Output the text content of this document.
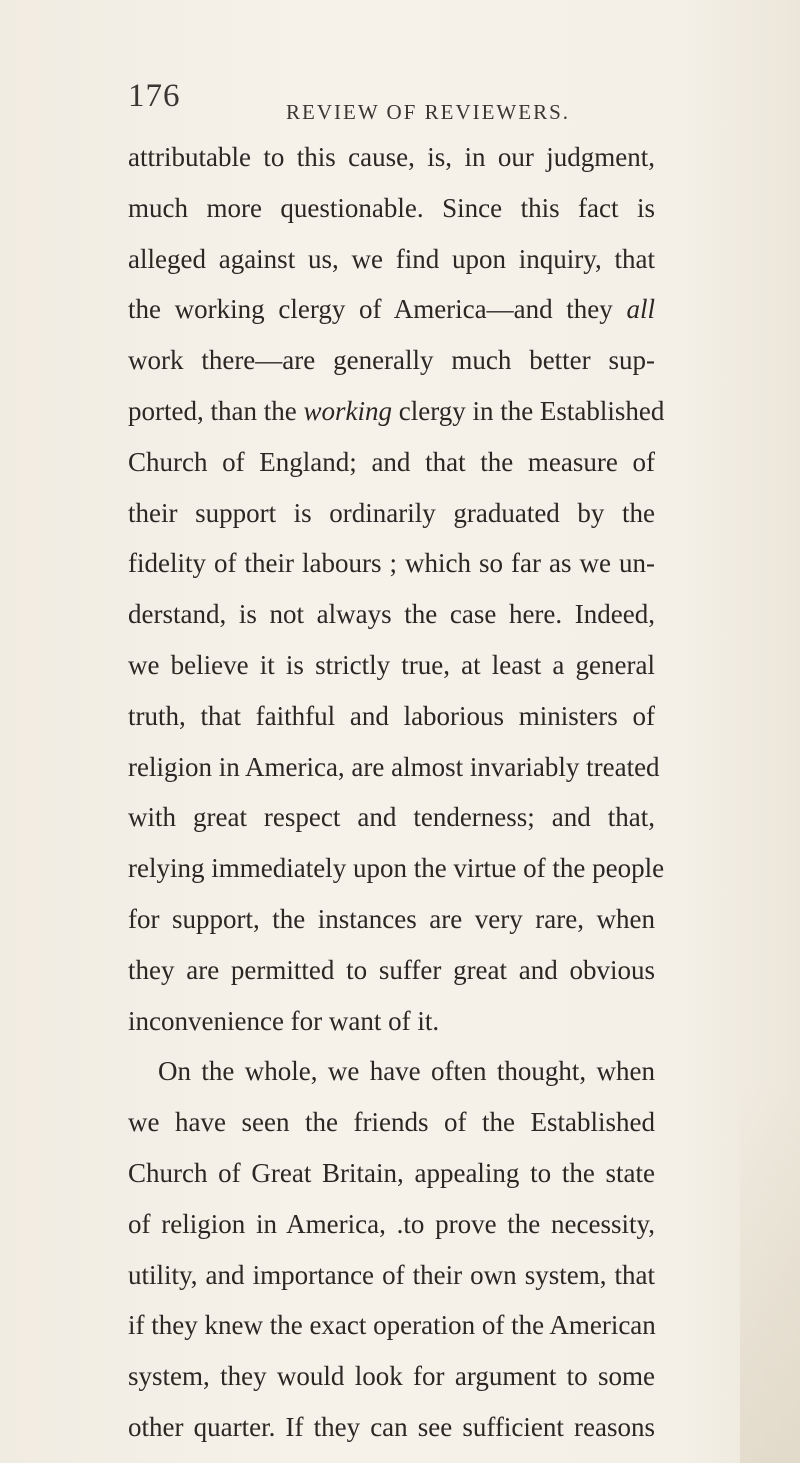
176	REVIEW OF REVIEWERS.
attributable to this cause, is, in our judgment,
much more questionable. Since this fact is
alleged against us, we find upon inquiry, that
the working clergy of America—and they all
work there—are generally much better sup-
ported, than the working clergy in the Established
Church of England; and that the measure of
their support is ordinarily graduated by the
fidelity of their labours ; which so far as we un-
derstand, is not always the case here. Indeed,
we believe it is strictly true, at least a general
truth, that faithful and laborious ministers of
religion in America, are almost invariably treated
with great respect and tenderness; and that,
relying immediately upon the virtue of the people
for support, the instances are very rare, when
they are permitted to suffer great and obvious
inconvenience for want of it.
On the whole, we have often thought, when
we have seen the friends of the Established
Church of Great Britain, appealing to the state
of religion in America, .to prove the necessity,
utility, and importance of their own system, that
if they knew the exact operation of the American
system, they would look for argument to some
other quarter. If they can see sufficient reasons
